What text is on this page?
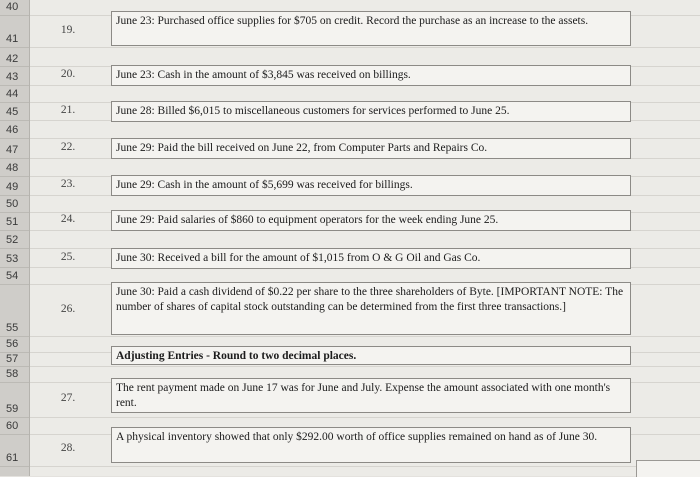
40
41
42
43
44
45
46
47
48
49
50
51
52
53
54
55
56
57
58
59
60
61
19.
20.
21.
22.
23.
24.
25.
26.
27.
28.
June 23: Purchased office supplies for $705 on credit. Record the purchase as an increase to the assets.
June 23: Cash in the amount of $3,845 was received on billings.
June 28: Billed $6,015 to miscellaneous customers for services performed to June 25.
June 29: Paid the bill received on June 22, from Computer Parts and Repairs Co.
June 29: Cash in the amount of $5,699 was received for billings.
June 29: Paid salaries of $860 to equipment operators for the week ending June 25.
June 30: Received a bill for the amount of $1,015 from O & G Oil and Gas Co.
June 30: Paid a cash dividend of $0.22 per share to the three shareholders of Byte. [IMPORTANT NOTE: The number of shares of capital stock outstanding can be determined from the first three transactions.]
Adjusting Entries - Round to two decimal places.
The rent payment made on June 17 was for June and July. Expense the amount associated with one month's rent.
A physical inventory showed that only $292.00 worth of office supplies remained on hand as of June 30.
